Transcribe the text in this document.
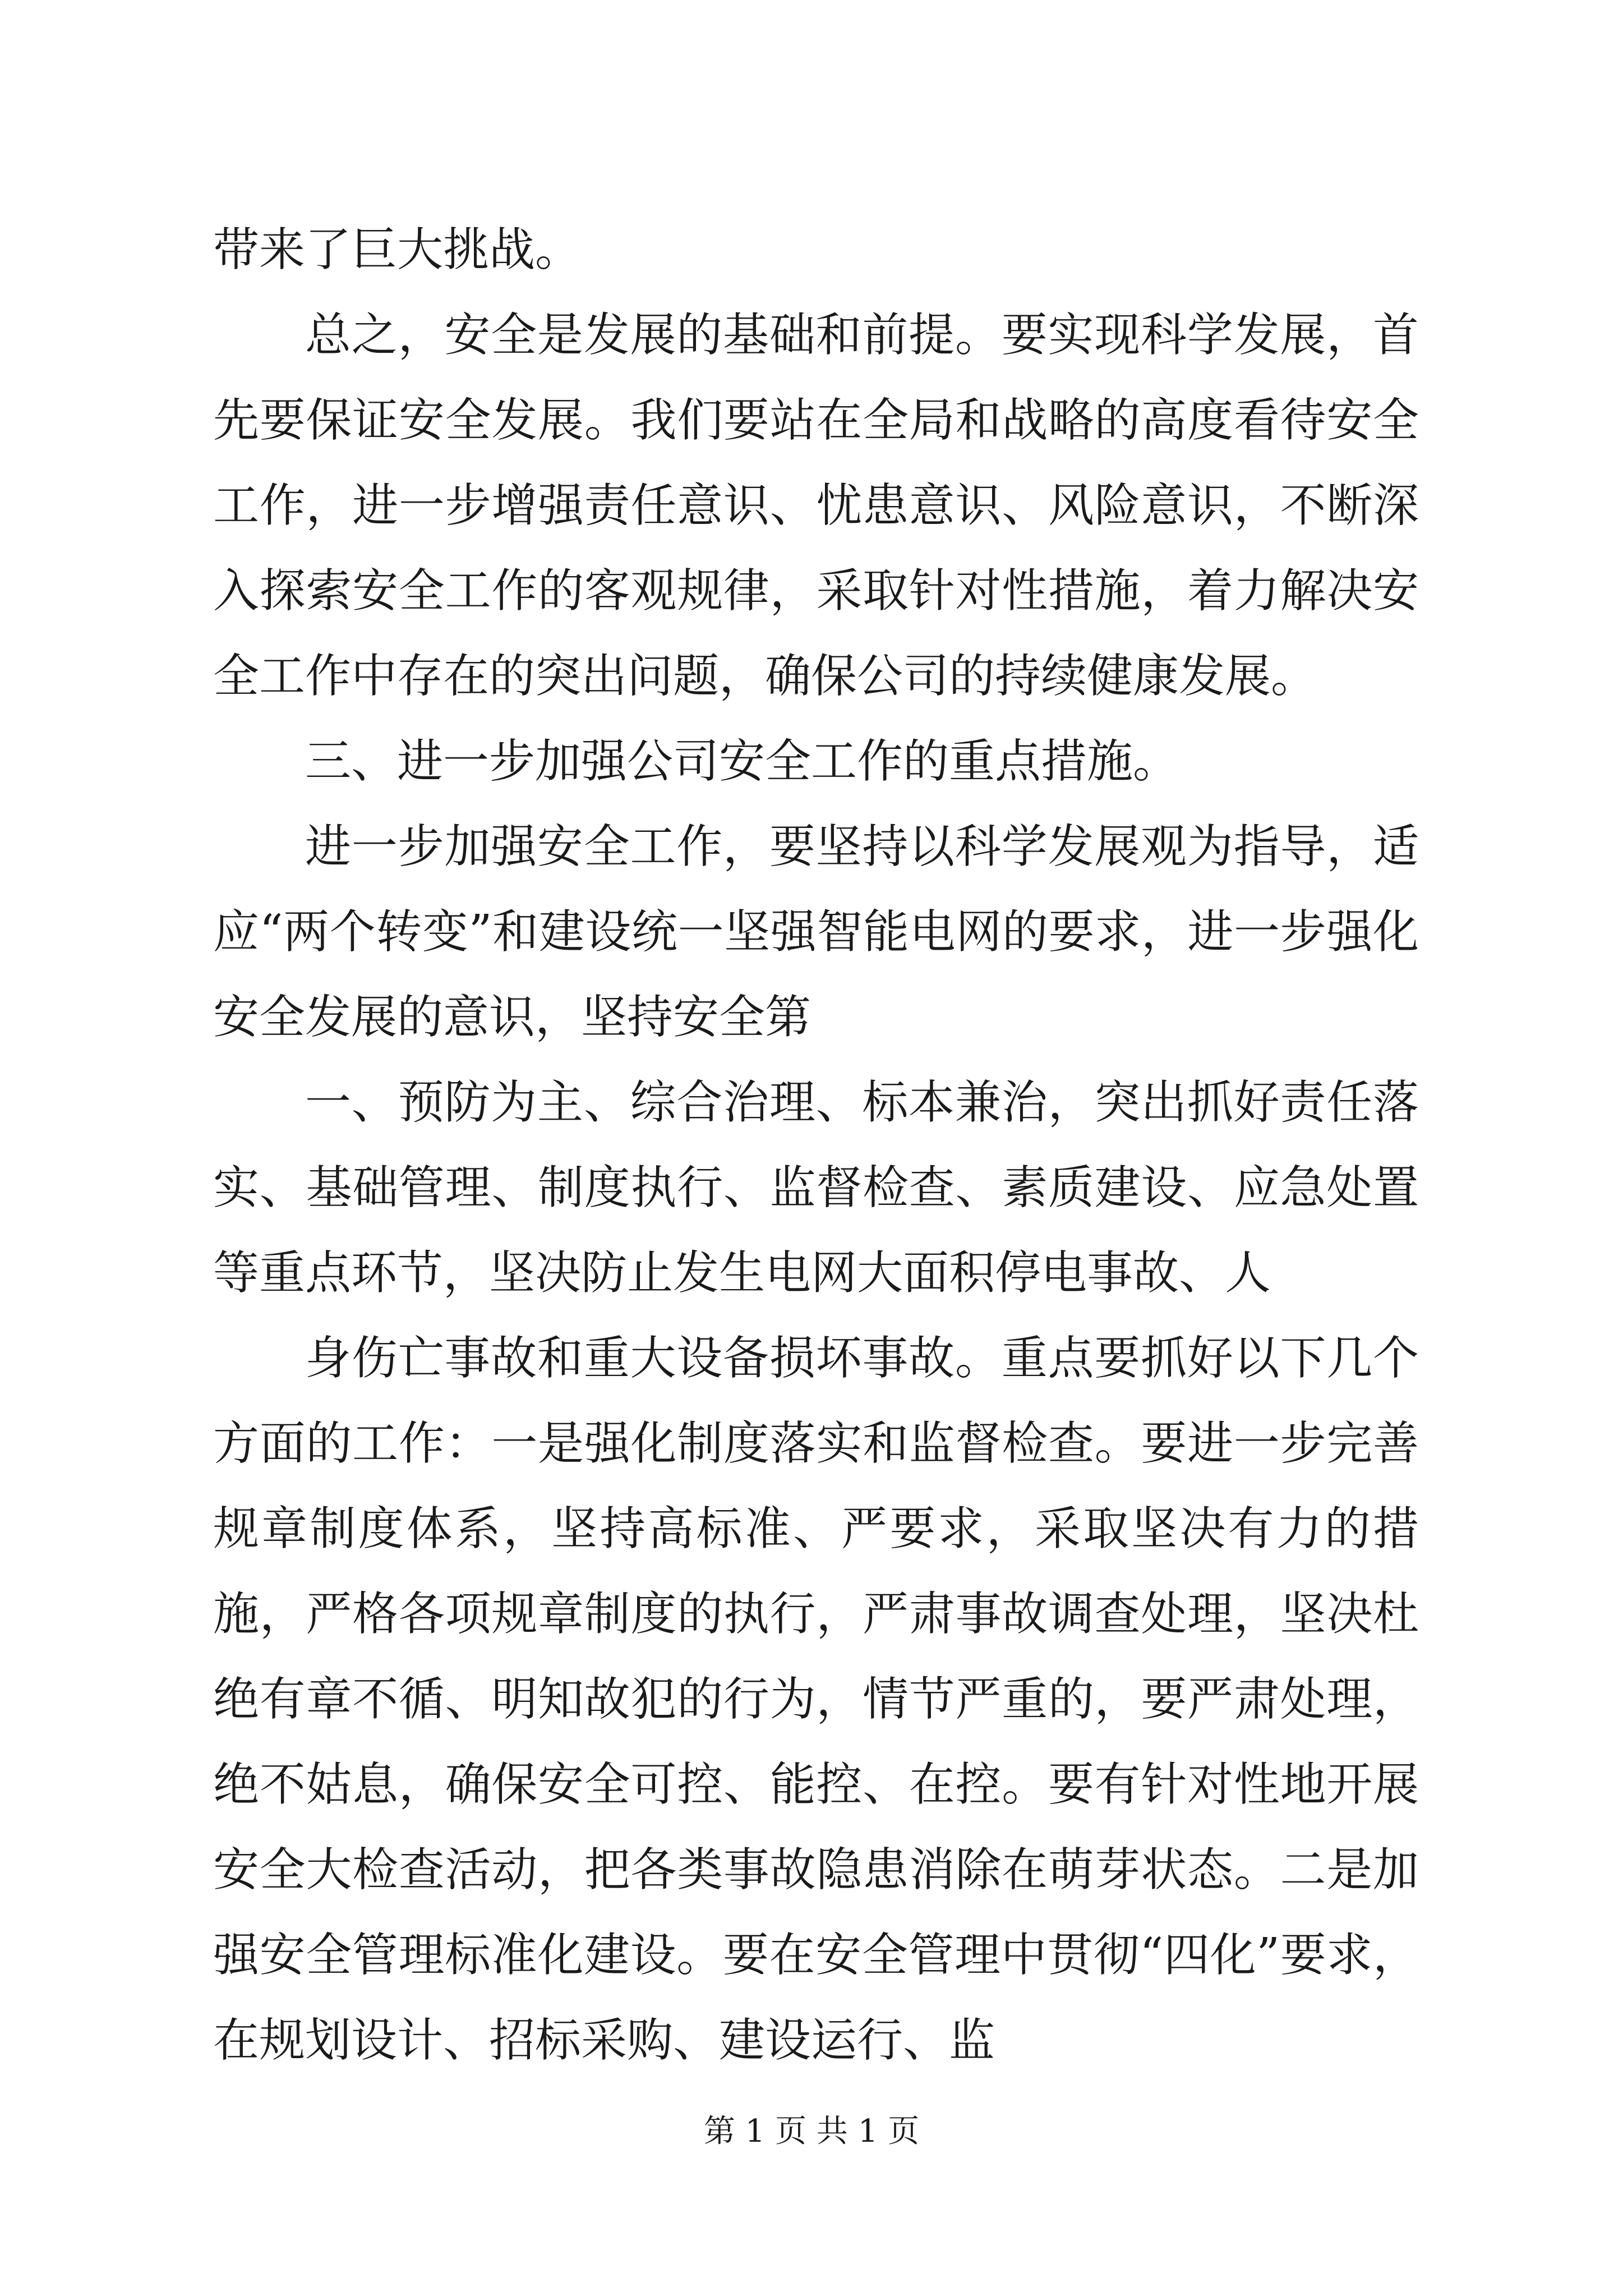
带来了巨大挑战。

总之，安全是发展的基础和前提。要实现科学发展，首先要保证安全发展。我们要站在全局和战略的高度看待安全工作，进一步增强责任意识、忧患意识、风险意识，不断深入探索安全工作的客观规律，采取针对性措施，着力解决安全工作中存在的突出问题，确保公司的持续健康发展。

三、进一步加强公司安全工作的重点措施。

进一步加强安全工作，要坚持以科学发展观为指导，适应“两个转变”和建设统一坚强智能电网的要求，进一步强化安全发展的意识，坚持安全第

一、预防为主、综合治理、标本兼治，突出抓好责任落实、基础管理、制度执行、监督检查、素质建设、应急处置等重点环节，坚决防止发生电网大面积停电事故、人

身伤亡事故和重大设备损坏事故。重点要抓好以下几个方面的工作：一是强化制度落实和监督检查。要进一步完善规章制度体系，坚持高标准、严要求，采取坚决有力的措施，严格各项规章制度的执行，严肃事故调查处理，坚决杜绝有章不循、明知故犯的行为，情节严重的，要严肃处理，绝不姑息，确保安全可控、能控、在控。要有针对性地开展安全大检查活动，把各类事故隐患消除在萌芽状态。二是加强安全管理标准化建设。要在安全管理中贯彻“四化”要求，在规划设计、招标采购、建设运行、监

第 1 页 共 1 页
